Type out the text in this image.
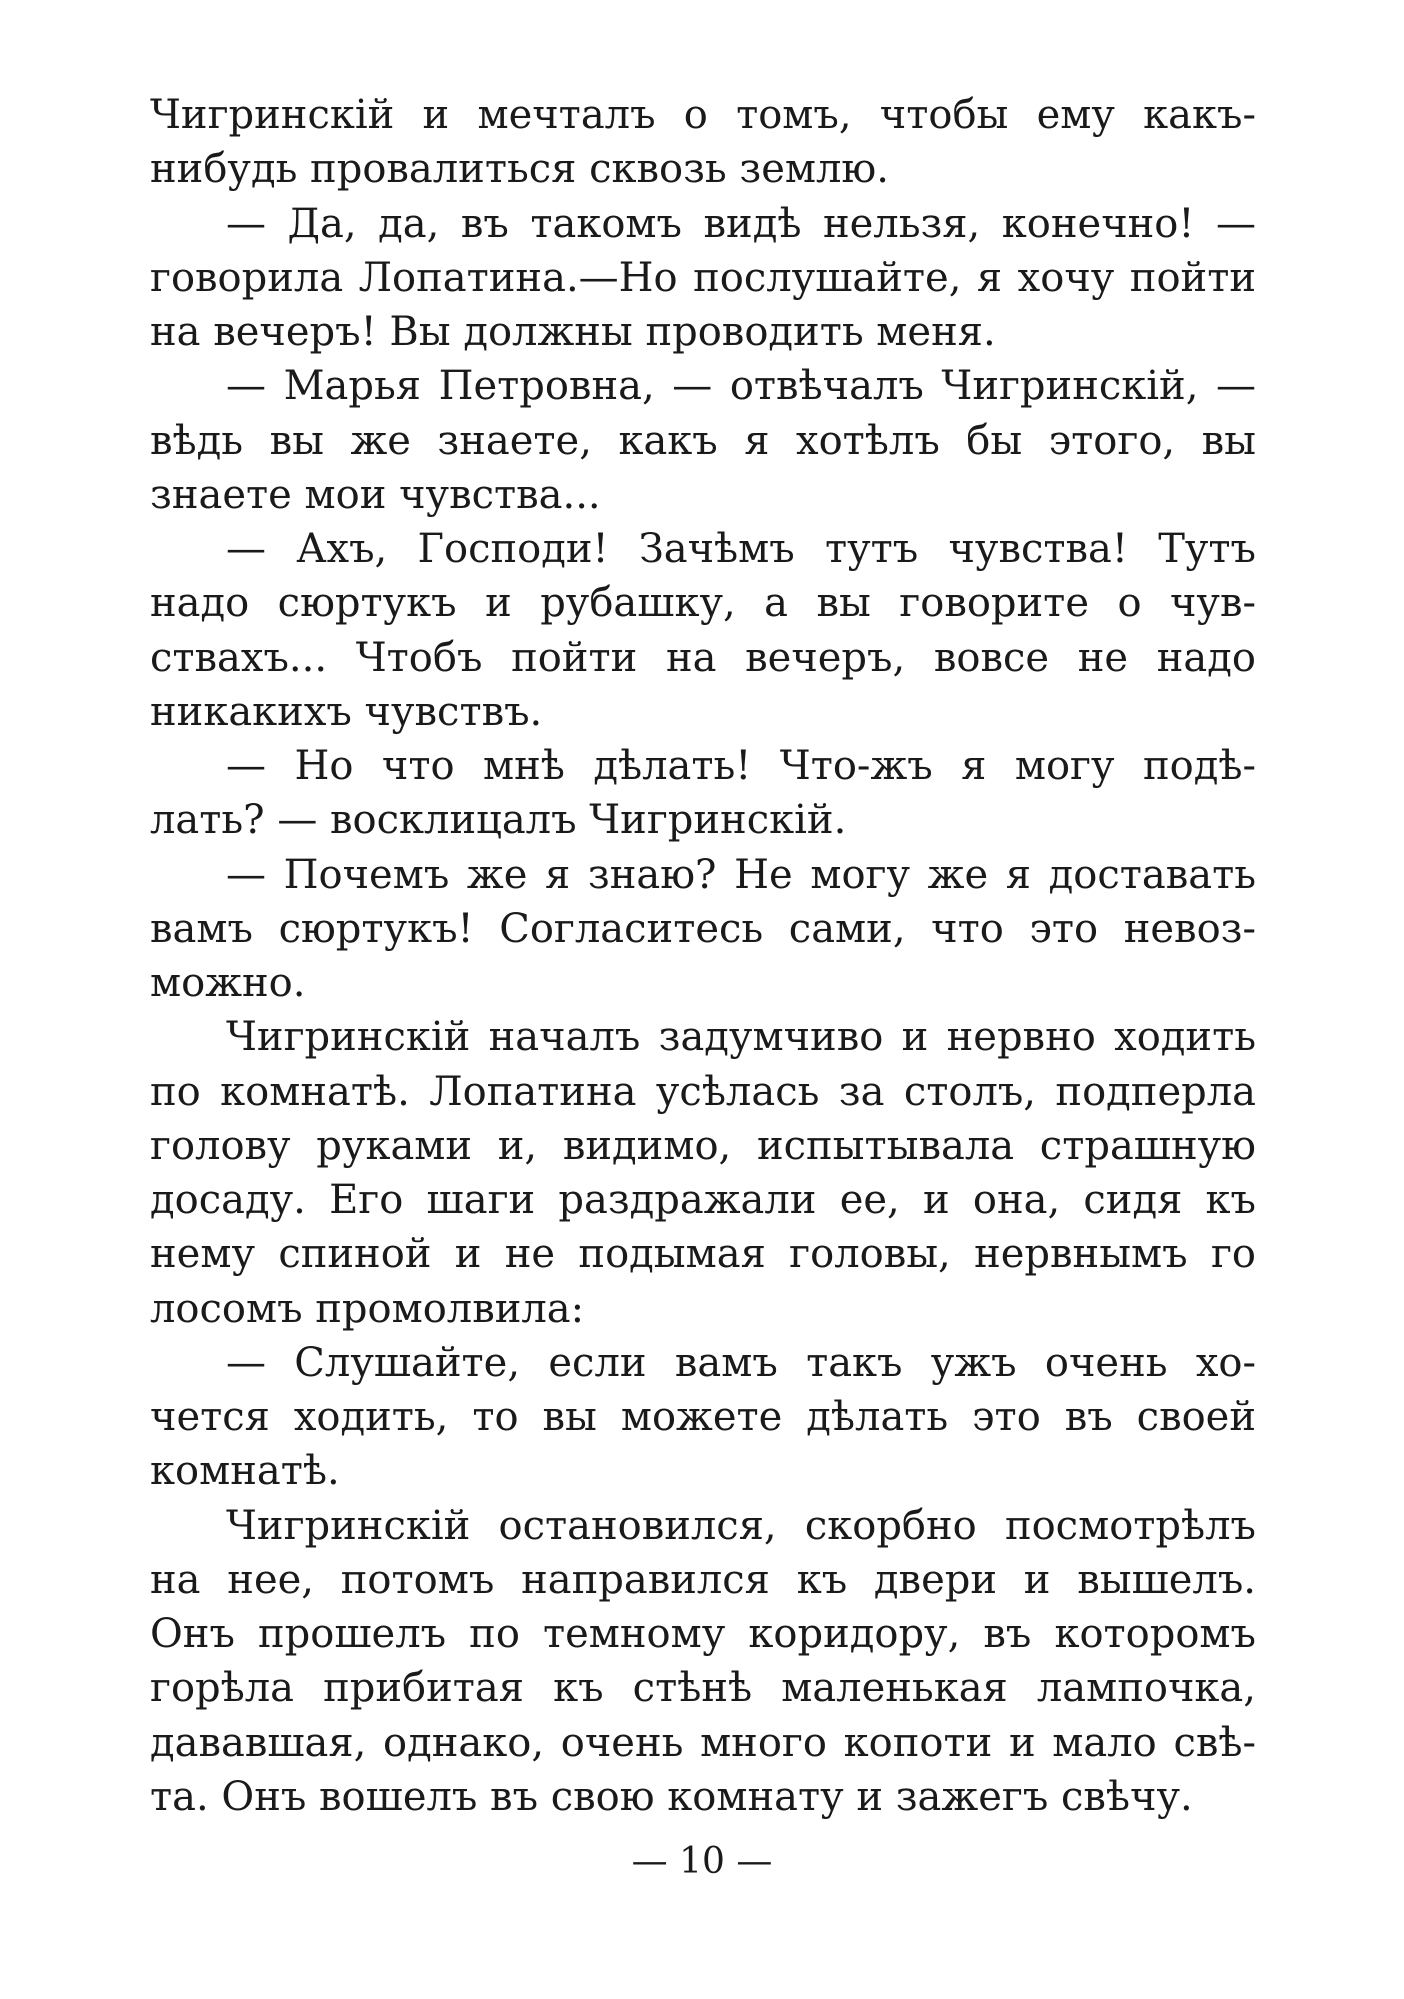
Чигринскій и мечталъ о томъ, чтобы ему какъ-
нибудь провалиться сквозь землю.
— Да, да, въ такомъ видѣ нельзя, конечно! —
говорила Лопатина.—Но послушайте, я хочу пойти
на вечеръ! Вы должны проводить меня.
— Марья Петровна, — отвѣчалъ Чигринскій, —
вѣдь вы же знаете, какъ я хотѣлъ бы этого, вы
знаете мои чувства...
— Ахъ, Господи! Зачѣмъ тутъ чувства! Тутъ
надо сюртукъ и рубашку, а вы говорите о чув-
ствахъ... Чтобъ пойти на вечеръ, вовсе не надо
никакихъ чувствъ.
— Но что мнѣ дѣлать! Что-жъ я могу подѣ-
лать? — восклицалъ Чигринскій.
— Почемъ же я знаю? Не могу же я доставать
вамъ сюртукъ! Согласитесь сами, что это невоз-
можно.
Чигринскій началъ задумчиво и нервно ходить
по комнатѣ. Лопатина усѣлась за столъ, подперла
голову руками и, видимо, испытывала страшную
досаду. Его шаги раздражали ее, и она, сидя къ
нему спиной и не подымая головы, нервнымъ го
лосомъ промолвила:
— Слушайте, если вамъ такъ ужъ очень хо-
чется ходить, то вы можете дѣлать это въ своей
комнатѣ.
Чигринскій остановился, скорбно посмотрѣлъ
на нее, потомъ направился къ двери и вышелъ.
Онъ прошелъ по темному коридору, въ которомъ
горѣла прибитая къ стѣнѣ маленькая лампочка,
дававшая, однако, очень много копоти и мало свѣ-
та. Онъ вошелъ въ свою комнату и зажегъ свѣчу.
— 10 —
